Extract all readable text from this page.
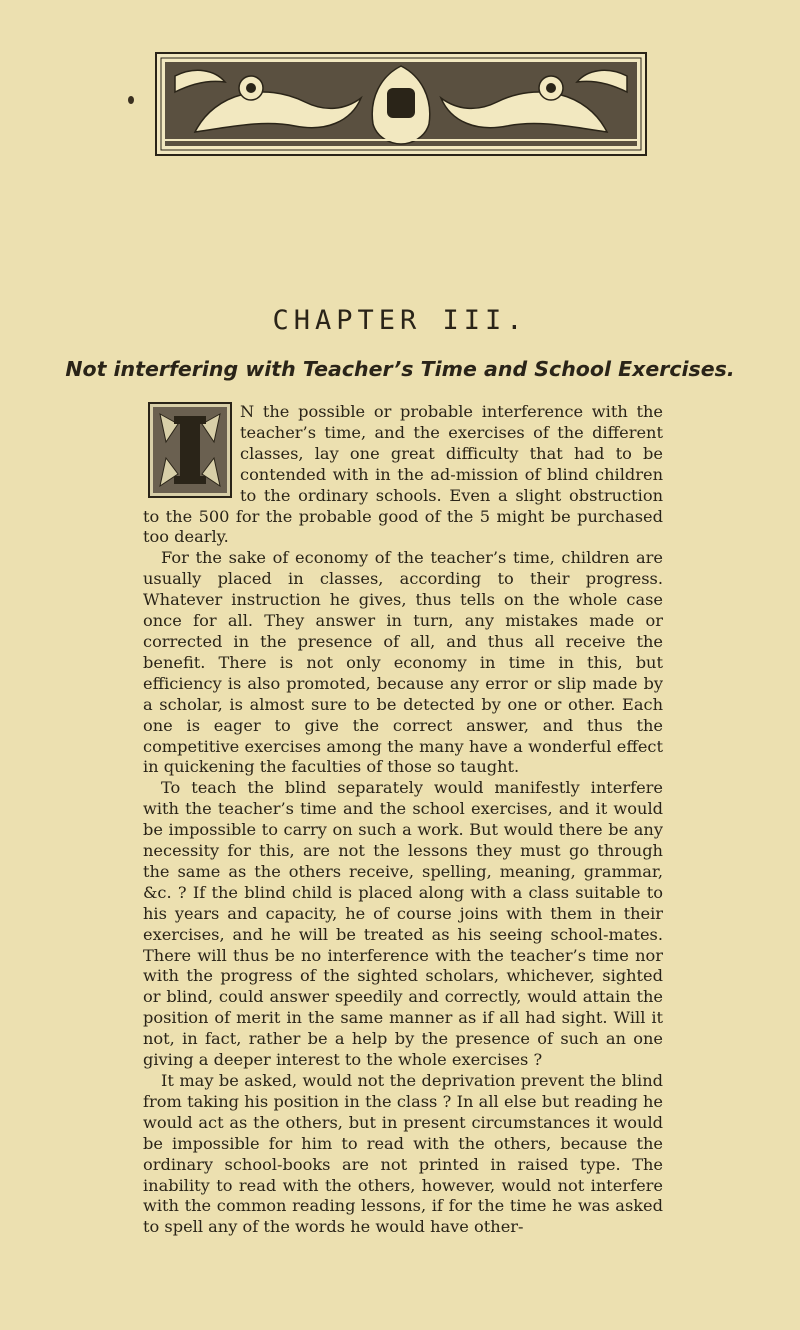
CHAPTER III.
Not interfering with Teacher’s Time and School Exercises.
I

N the possible or probable interference with the teacher’s time, and the exercises of the different classes, lay one great difficulty that had to be contended with in the ad-mission of blind children to the ordinary schools. Even a slight obstruction to the 500 for the probable good of the 5 might be purchased too dearly.

For the sake of economy of the teacher’s time, children are usually placed in classes, according to their progress. Whatever instruction he gives, thus tells on the whole case once for all. They answer in turn, any mistakes made or corrected in the presence of all, and thus all receive the benefit. There is not only economy in time in this, but efficiency is also promoted, because any error or slip made by a scholar, is almost sure to be detected by one or other. Each one is eager to give the correct answer, and thus the competitive exercises among the many have a wonderful effect in quickening the faculties of those so taught.

To teach the blind separately would manifestly interfere with the teacher’s time and the school exercises, and it would be impossible to carry on such a work. But would there be any necessity for this, are not the lessons they must go through the same as the others receive, spelling, meaning, grammar, &c. ? If the blind child is placed along with a class suitable to his years and capacity, he of course joins with them in their exercises, and he will be treated as his seeing school-mates. There will thus be no interference with the teacher’s time nor with the progress of the sighted scholars, whichever, sighted or blind, could answer speedily and correctly, would attain the position of merit in the same manner as if all had sight. Will it not, in fact, rather be a help by the presence of such an one giving a deeper interest to the whole exercises ?

It may be asked, would not the deprivation prevent the blind from taking his position in the class ? In all else but reading he would act as the others, but in present circumstances it would be impossible for him to read with the others, because the ordinary school-books are not printed in raised type. The inability to read with the others, however, would not interfere with the common reading lessons, if for the time he was asked to spell any of the words he would have other-
